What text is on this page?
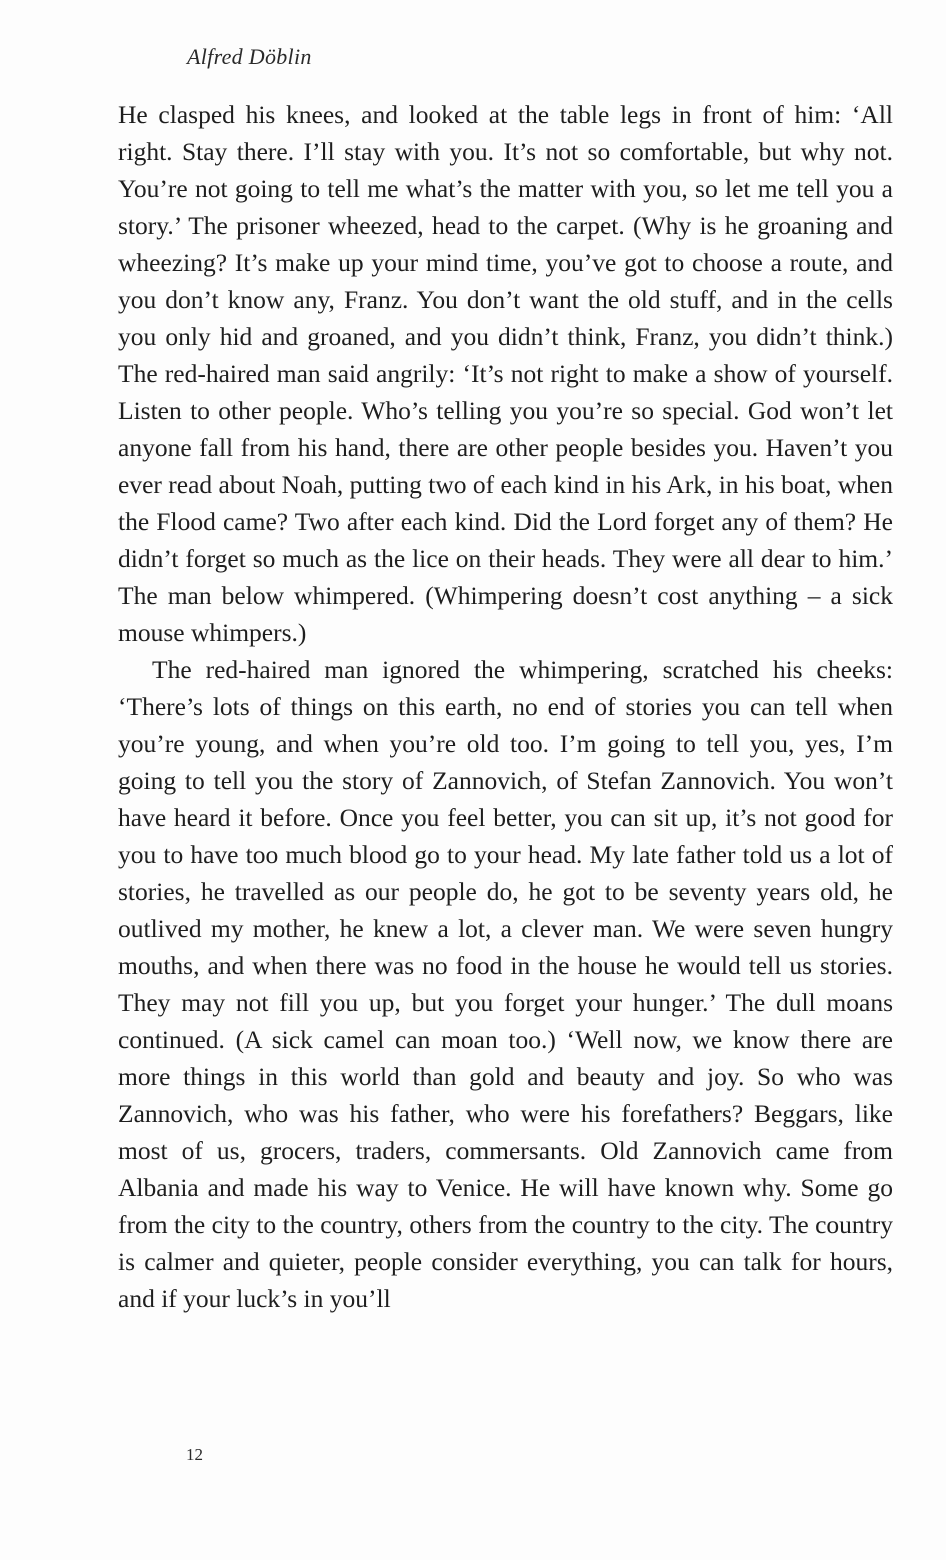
Alfred Döblin

He clasped his knees, and looked at the table legs in front of him: ‘All right. Stay there. I’ll stay with you. It’s not so comfortable, but why not. You’re not going to tell me what’s the matter with you, so let me tell you a story.’ The prisoner wheezed, head to the carpet. (Why is he groaning and wheezing? It’s make up your mind time, you’ve got to choose a route, and you don’t know any, Franz. You don’t want the old stuff, and in the cells you only hid and groaned, and you didn’t think, Franz, you didn’t think.) The red-haired man said angrily: ‘It’s not right to make a show of yourself. Listen to other people. Who’s telling you you’re so special. God won’t let anyone fall from his hand, there are other people besides you. Haven’t you ever read about Noah, putting two of each kind in his Ark, in his boat, when the Flood came? Two after each kind. Did the Lord forget any of them? He didn’t forget so much as the lice on their heads. They were all dear to him.’ The man below whimpered. (Whimpering doesn’t cost anything – a sick mouse whimpers.)

The red-haired man ignored the whimpering, scratched his cheeks: ‘There’s lots of things on this earth, no end of stories you can tell when you’re young, and when you’re old too. I’m going to tell you, yes, I’m going to tell you the story of Zannovich, of Stefan Zannovich. You won’t have heard it before. Once you feel better, you can sit up, it’s not good for you to have too much blood go to your head. My late father told us a lot of stories, he travelled as our people do, he got to be seventy years old, he outlived my mother, he knew a lot, a clever man. We were seven hungry mouths, and when there was no food in the house he would tell us stories. They may not fill you up, but you forget your hunger.’ The dull moans continued. (A sick camel can moan too.) ‘Well now, we know there are more things in this world than gold and beauty and joy. So who was Zannovich, who was his father, who were his forefathers? Beggars, like most of us, grocers, traders, commersants. Old Zannovich came from Albania and made his way to Venice. He will have known why. Some go from the city to the country, others from the country to the city. The country is calmer and quieter, people consider everything, you can talk for hours, and if your luck’s in you’ll

12
